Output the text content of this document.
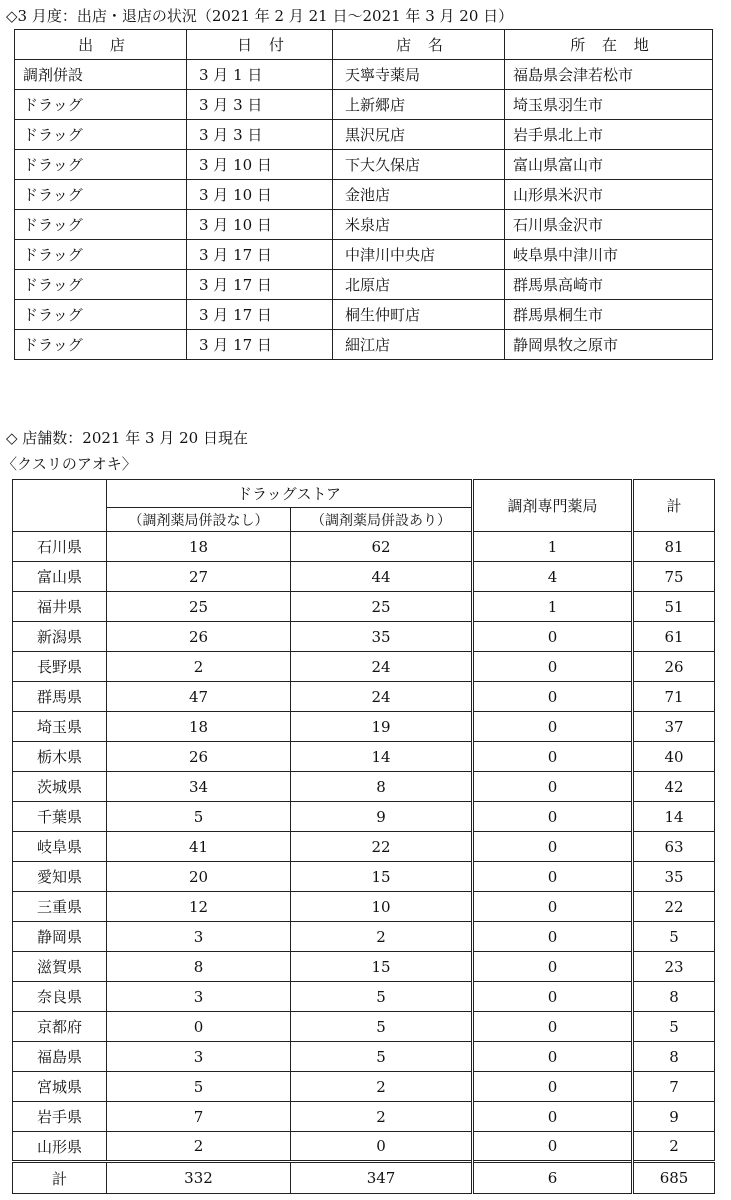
◇3 月度：出店・退店の状況（2021 年 2 月 21 日～2021 年 3 月 20 日）
出 店	日 付	店 名	所 在 地
調剤併設	3 月 1 日	天寧寺薬局	福島県会津若松市
ドラッグ	3 月 3 日	上新郷店	埼玉県羽生市
ドラッグ	3 月 3 日	黒沢尻店	岩手県北上市
ドラッグ	3 月 10 日	下大久保店	富山県富山市
ドラッグ	3 月 10 日	金池店	山形県米沢市
ドラッグ	3 月 10 日	米泉店	石川県金沢市
ドラッグ	3 月 17 日	中津川中央店	岐阜県中津川市
ドラッグ	3 月 17 日	北原店	群馬県高崎市
ドラッグ	3 月 17 日	桐生仲町店	群馬県桐生市
ドラッグ	3 月 17 日	細江店	静岡県牧之原市
◇ 店舗数：2021 年 3 月 20 日現在
〈クスリのアオキ〉
	ドラッグストア		調剤専門薬局	計
	（調剤薬局併設なし）	（調剤薬局併設あり）		
石川県	18	62	1	81
富山県	27	44	4	75
福井県	25	25	1	51
新潟県	26	35	0	61
長野県	2	24	0	26
群馬県	47	24	0	71
埼玉県	18	19	0	37
栃木県	26	14	0	40
茨城県	34	8	0	42
千葉県	5	9	0	14
岐阜県	41	22	0	63
愛知県	20	15	0	35
三重県	12	10	0	22
静岡県	3	2	0	5
滋賀県	8	15	0	23
奈良県	3	5	0	8
京都府	0	5	0	5
福島県	3	5	0	8
宮城県	5	2	0	7
岩手県	7	2	0	9
山形県	2	0	0	2
計	332	347	6	685
